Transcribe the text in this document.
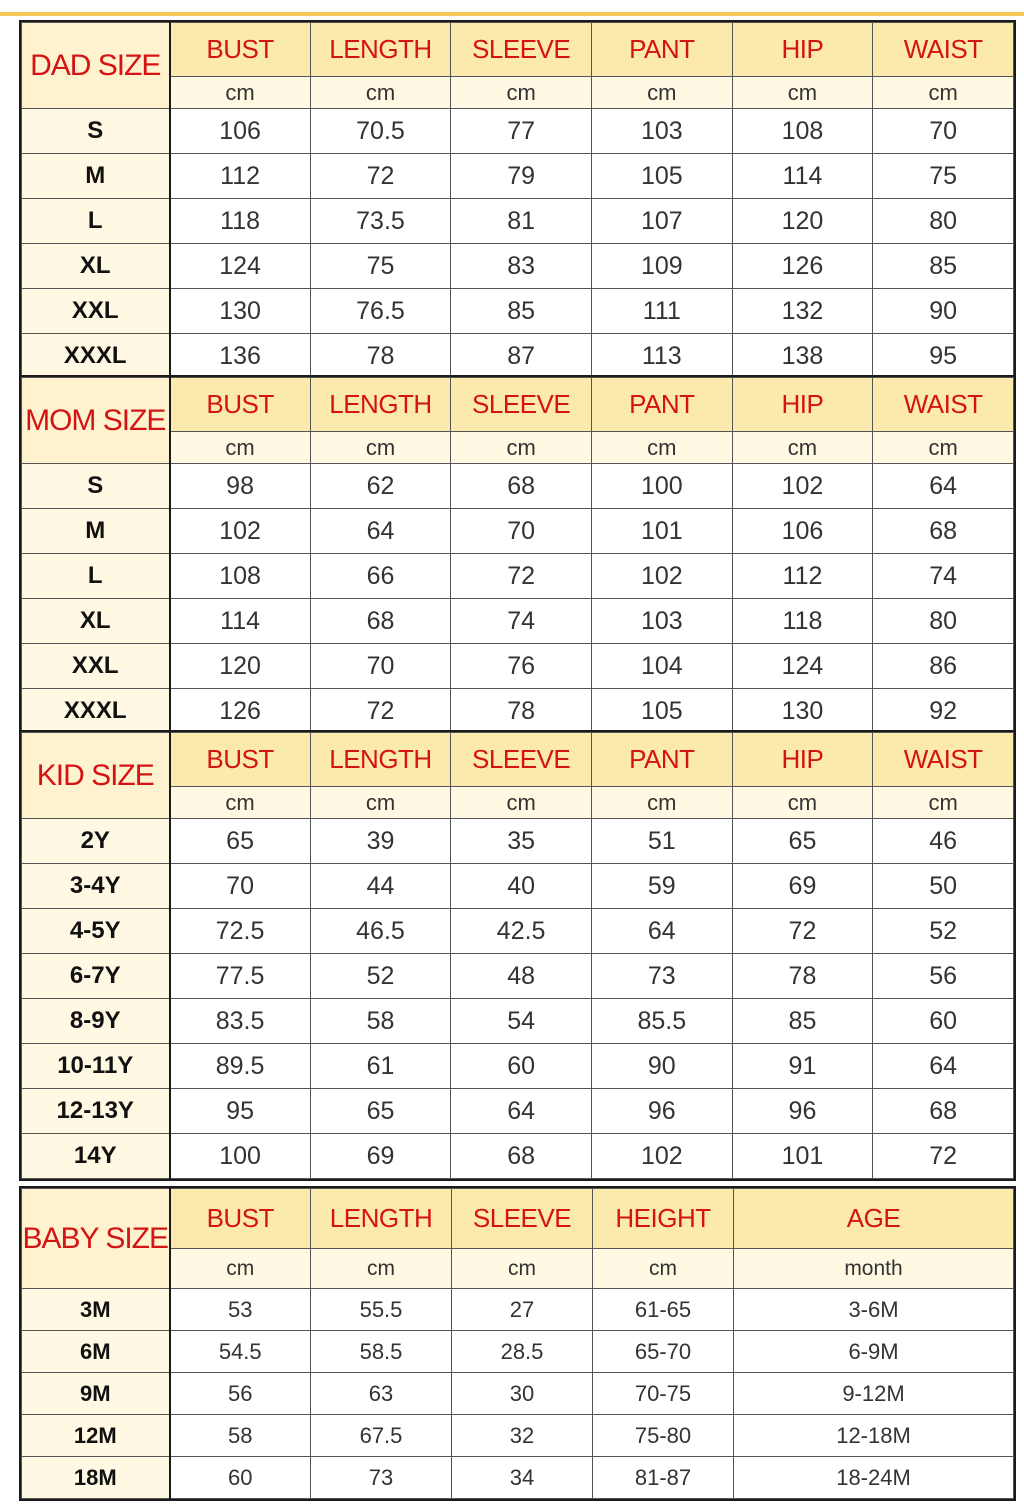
DAD SIZE	BUST	LENGTH	SLEEVE	PANT	HIP	WAIST
	cm	cm	cm	cm	cm	cm
S	106	70.5	77	103	108	70
M	112	72	79	105	114	75
L	118	73.5	81	107	120	80
XL	124	75	83	109	126	85
XXL	130	76.5	85	111	132	90
XXXL	136	78	87	113	138	95
MOM SIZE	BUST	LENGTH	SLEEVE	PANT	HIP	WAIST
	cm	cm	cm	cm	cm	cm
S	98	62	68	100	102	64
M	102	64	70	101	106	68
L	108	66	72	102	112	74
XL	114	68	74	103	118	80
XXL	120	70	76	104	124	86
XXXL	126	72	78	105	130	92
KID SIZE	BUST	LENGTH	SLEEVE	PANT	HIP	WAIST
	cm	cm	cm	cm	cm	cm
2Y	65	39	35	51	65	46
3-4Y	70	44	40	59	69	50
4-5Y	72.5	46.5	42.5	64	72	52
6-7Y	77.5	52	48	73	78	56
8-9Y	83.5	58	54	85.5	85	60
10-11Y	89.5	61	60	90	91	64
12-13Y	95	65	64	96	96	68
14Y	100	69	68	102	101	72
BABY SIZE	BUST	LENGTH	SLEEVE	HEIGHT	AGE
	cm	cm	cm	cm	month
3M	53	55.5	27	61-65	3-6M
6M	54.5	58.5	28.5	65-70	6-9M
9M	56	63	30	70-75	9-12M
12M	58	67.5	32	75-80	12-18M
18M	60	73	34	81-87	18-24M
